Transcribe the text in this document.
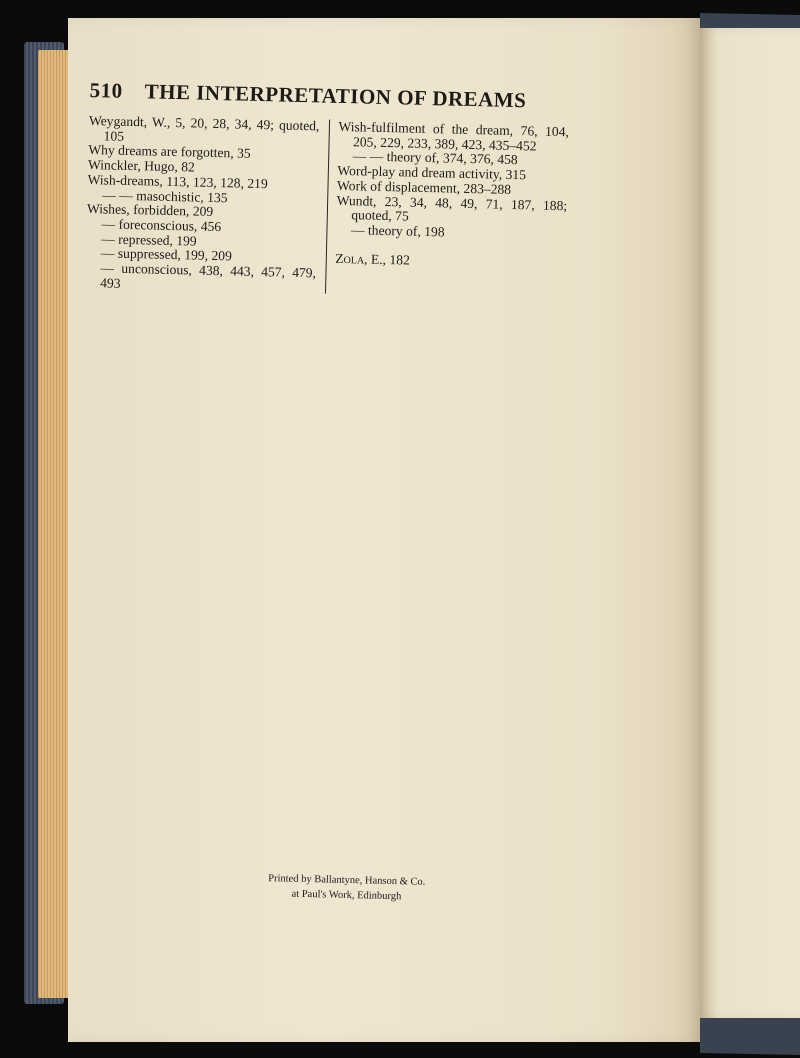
510 THE INTERPRETATION OF DREAMS
Weygandt, W., 5, 20, 28, 34, 49; quoted, 105
Why dreams are forgotten, 35
Winckler, Hugo, 82
Wish-dreams, 113, 123, 128, 219
— — masochistic, 135
Wishes, forbidden, 209
— foreconscious, 456
— repressed, 199
— suppressed, 199, 209
— unconscious, 438, 443, 457, 479, 493
Wish-fulfilment of the dream, 76, 104, 205, 229, 233, 389, 423, 435–452
— — theory of, 374, 376, 458
Word-play and dream activity, 315
Work of displacement, 283–288
Wundt, 23, 34, 48, 49, 71, 187, 188; quoted, 75
— theory of, 198
Zola, E., 182
Printed by Ballantyne, Hanson & Co.
at Paul's Work, Edinburgh
